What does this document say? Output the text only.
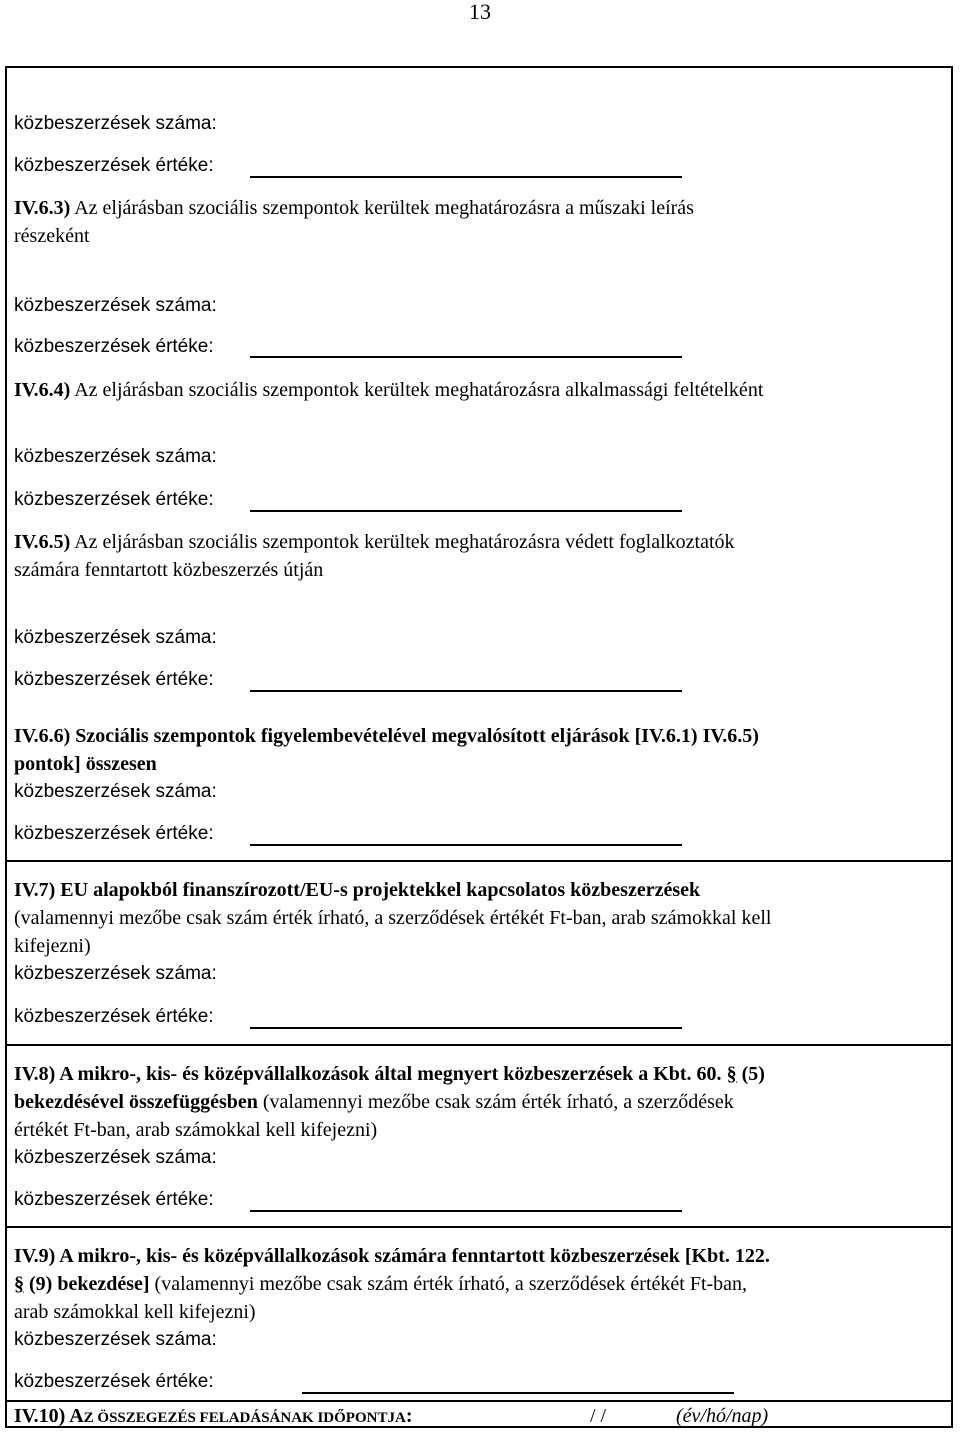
13
közbeszerzések száma:
közbeszerzések értéke:
IV.6.3) Az eljárásban szociális szempontok kerültek meghatározásra a műszaki leírás
részeként
közbeszerzések száma:
közbeszerzések értéke:
IV.6.4) Az eljárásban szociális szempontok kerültek meghatározásra alkalmassági feltételként
közbeszerzések száma:
közbeszerzések értéke:
IV.6.5) Az eljárásban szociális szempontok kerültek meghatározásra védett foglalkoztatók
számára fenntartott közbeszerzés útján
közbeszerzések száma:
közbeszerzések értéke:
IV.6.6) Szociális szempontok figyelembevételével megvalósított eljárások [IV.6.1) IV.6.5)
pontok] összesen
közbeszerzések száma:
közbeszerzések értéke:
IV.7) EU alapokból finanszírozott/EU-s projektekkel kapcsolatos közbeszerzések
(valamennyi mezőbe csak szám érték írható, a szerződések értékét Ft-ban, arab számokkal kell
kifejezni)
közbeszerzések száma:
közbeszerzések értéke:
IV.8) A mikro-, kis- és középvállalkozások által megnyert közbeszerzések a Kbt. 60. § (5)
bekezdésével összefüggésben (valamennyi mezőbe csak szám érték írható, a szerződések
értékét Ft-ban, arab számokkal kell kifejezni)
közbeszerzések száma:
közbeszerzések értéke:
IV.9) A mikro-, kis- és középvállalkozások számára fenntartott közbeszerzések [Kbt. 122.
§ (9) bekezdése] (valamennyi mezőbe csak szám érték írható, a szerződések értékét Ft-ban,
arab számokkal kell kifejezni)
közbeszerzések száma:
közbeszerzések értéke:
IV.10) AZ ÖSSZEGEZÉS FELADÁSÁNAK IDŐPONTJA:	/ /	(év/hó/nap)
